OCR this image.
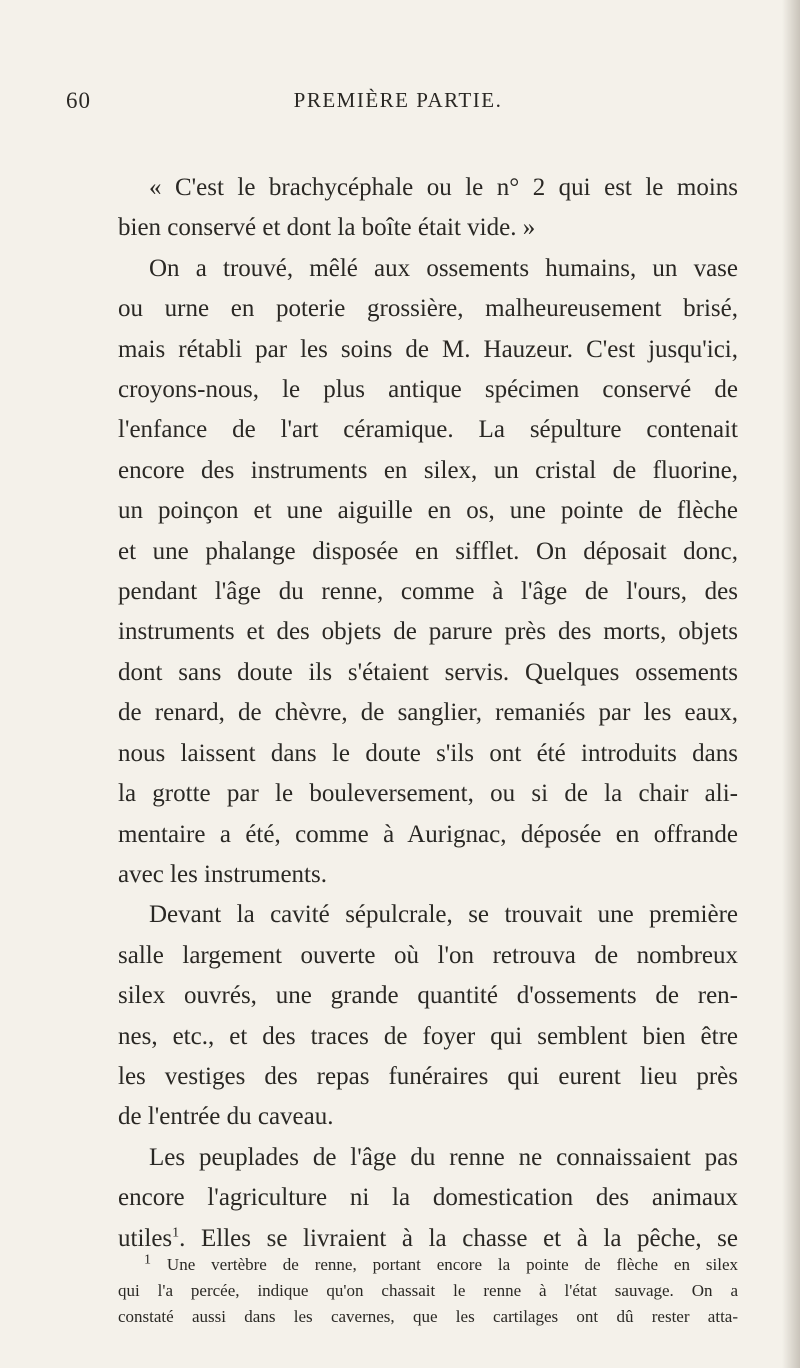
60	PREMIÈRE PARTIE.
« C'est le brachycéphale ou le n° 2 qui est le moins
bien conservé et dont la boîte était vide. »
On a trouvé, mêlé aux ossements humains, un vase
ou urne en poterie grossière, malheureusement brisé,
mais rétabli par les soins de M. Hauzeur. C'est jusqu'ici,
croyons-nous, le plus antique spécimen conservé de
l'enfance de l'art céramique. La sépulture contenait
encore des instruments en silex, un cristal de fluorine,
un poinçon et une aiguille en os, une pointe de flèche
et une phalange disposée en sifflet. On déposait donc,
pendant l'âge du renne, comme à l'âge de l'ours, des
instruments et des objets de parure près des morts, objets
dont sans doute ils s'étaient servis. Quelques ossements
de renard, de chèvre, de sanglier, remaniés par les eaux,
nous laissent dans le doute s'ils ont été introduits dans
la grotte par le bouleversement, ou si de la chair ali-
mentaire a été, comme à Aurignac, déposée en offrande
avec les instruments.
Devant la cavité sépulcrale, se trouvait une première
salle largement ouverte où l'on retrouva de nombreux
silex ouvrés, une grande quantité d'ossements de ren-
nes, etc., et des traces de foyer qui semblent bien être
les vestiges des repas funéraires qui eurent lieu près
de l'entrée du caveau.
Les peuplades de l'âge du renne ne connaissaient pas
encore l'agriculture ni la domestication des animaux
utiles$^1$. Elles se livraient à la chasse et à la pêche, se
$^1$ Une vertèbre de renne, portant encore la pointe de flèche en silex
qui l'a percée, indique qu'on chassait le renne à l'état sauvage. On a
constaté aussi dans les cavernes, que les cartilages ont dû rester atta-
